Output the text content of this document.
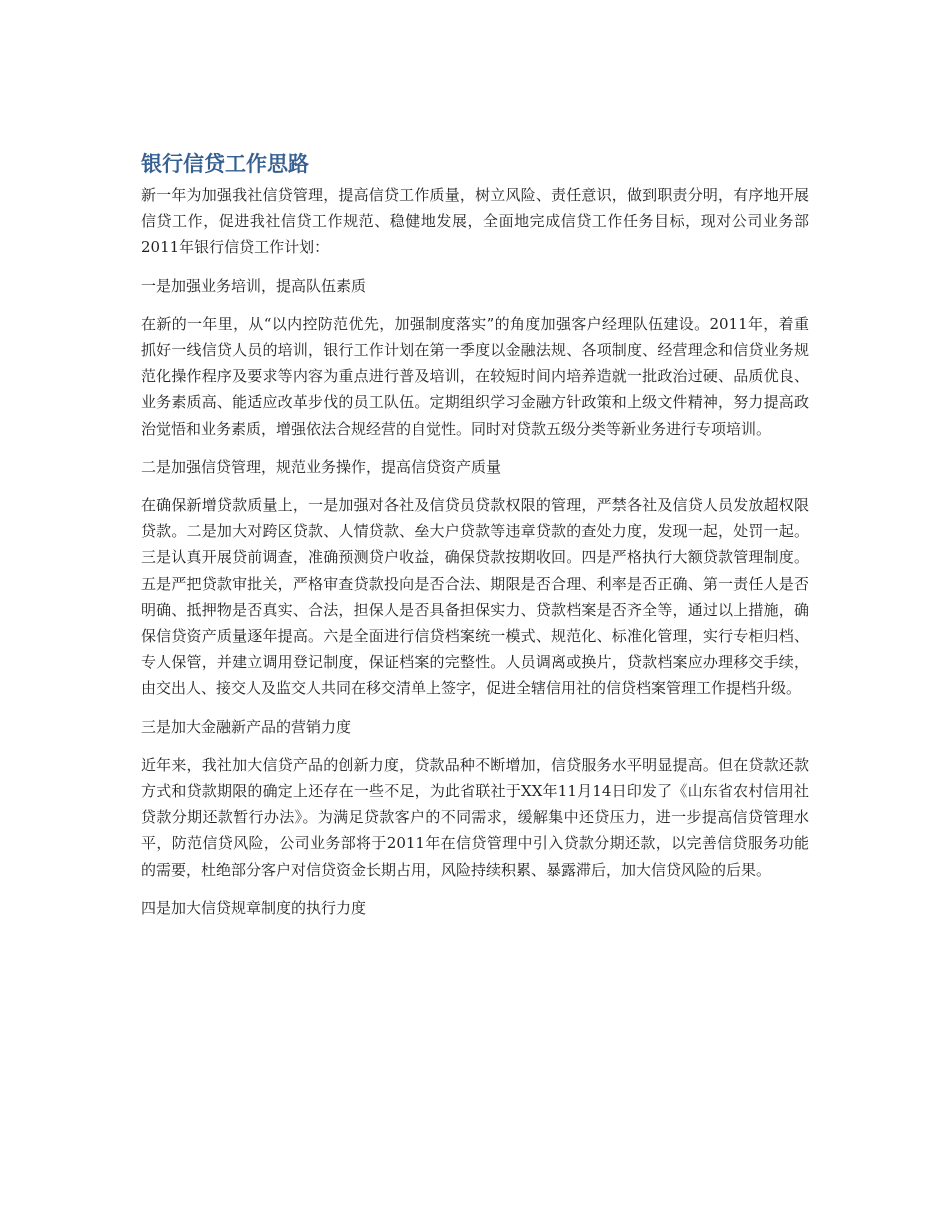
银行信贷工作思路

新一年为加强我社信贷管理，提高信贷工作质量，树立风险、责任意识，做到职责分明，有序地开展信贷工作，促进我社信贷工作规范、稳健地发展，全面地完成信贷工作任务目标，现对公司业务部2011年银行信贷工作计划：

一是加强业务培训，提高队伍素质

在新的一年里，从“以内控防范优先，加强制度落实”的角度加强客户经理队伍建设。2011年，着重抓好一线信贷人员的培训，银行工作计划在第一季度以金融法规、各项制度、经营理念和信贷业务规范化操作程序及要求等内容为重点进行普及培训，在较短时间内培养造就一批政治过硬、品质优良、业务素质高、能适应改革步伐的员工队伍。定期组织学习金融方针政策和上级文件精神，努力提高政治觉悟和业务素质，增强依法合规经营的自觉性。同时对贷款五级分类等新业务进行专项培训。

二是加强信贷管理，规范业务操作，提高信贷资产质量

在确保新增贷款质量上，一是加强对各社及信贷员贷款权限的管理，严禁各社及信贷人员发放超权限贷款。二是加大对跨区贷款、人情贷款、垒大户贷款等违章贷款的查处力度，发现一起，处罚一起。三是认真开展贷前调查，准确预测贷户收益，确保贷款按期收回。四是严格执行大额贷款管理制度。五是严把贷款审批关，严格审查贷款投向是否合法、期限是否合理、利率是否正确、第一责任人是否明确、抵押物是否真实、合法，担保人是否具备担保实力、贷款档案是否齐全等，通过以上措施，确保信贷资产质量逐年提高。六是全面进行信贷档案统一模式、规范化、标准化管理，实行专柜归档、专人保管，并建立调用登记制度，保证档案的完整性。人员调离或换片，贷款档案应办理移交手续，由交出人、接交人及监交人共同在移交清单上签字，促进全辖信用社的信贷档案管理工作提档升级。

三是加大金融新产品的营销力度

近年来，我社加大信贷产品的创新力度，贷款品种不断增加，信贷服务水平明显提高。但在贷款还款方式和贷款期限的确定上还存在一些不足，为此省联社于XX年11月14日印发了《山东省农村信用社贷款分期还款暂行办法》。为满足贷款客户的不同需求，缓解集中还贷压力，进一步提高信贷管理水平，防范信贷风险，公司业务部将于2011年在信贷管理中引入贷款分期还款，以完善信贷服务功能的需要，杜绝部分客户对信贷资金长期占用，风险持续积累、暴露滞后，加大信贷风险的后果。

四是加大信贷规章制度的执行力度
